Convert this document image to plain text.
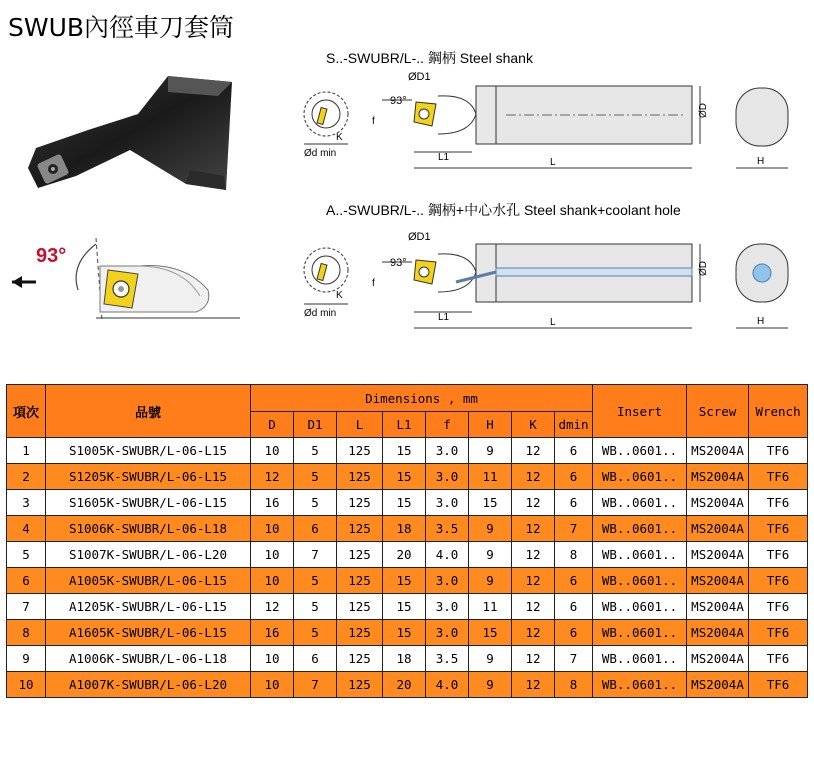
SWUB內徑車刀套筒
93°
S..-SWUBR/L-.. 鋼柄 Steel shank
A..-SWUBR/L-.. 鋼柄+中心水孔 Steel shank+coolant hole
K
Ød min
ØD1
93°
f
ØD
L1	L	H
K
Ød min
ØD1
93°
f
ØD
L1	L	H
項次	品號	Dimensions , mm								Insert	Screw	Wrench
		D	D1	L	L1	f	H	K	dmin			
1	S1005K-SWUBR/L-06-L15	10	5	125	15	3.0	9	12	6	WB..0601..	MS2004A	TF6
2	S1205K-SWUBR/L-06-L15	12	5	125	15	3.0	11	12	6	WB..0601..	MS2004A	TF6
3	S1605K-SWUBR/L-06-L15	16	5	125	15	3.0	15	12	6	WB..0601..	MS2004A	TF6
4	S1006K-SWUBR/L-06-L18	10	6	125	18	3.5	9	12	7	WB..0601..	MS2004A	TF6
5	S1007K-SWUBR/L-06-L20	10	7	125	20	4.0	9	12	8	WB..0601..	MS2004A	TF6
6	A1005K-SWUBR/L-06-L15	10	5	125	15	3.0	9	12	6	WB..0601..	MS2004A	TF6
7	A1205K-SWUBR/L-06-L15	12	5	125	15	3.0	11	12	6	WB..0601..	MS2004A	TF6
8	A1605K-SWUBR/L-06-L15	16	5	125	15	3.0	15	12	6	WB..0601..	MS2004A	TF6
9	A1006K-SWUBR/L-06-L18	10	6	125	18	3.5	9	12	7	WB..0601..	MS2004A	TF6
10	A1007K-SWUBR/L-06-L20	10	7	125	20	4.0	9	12	8	WB..0601..	MS2004A	TF6
